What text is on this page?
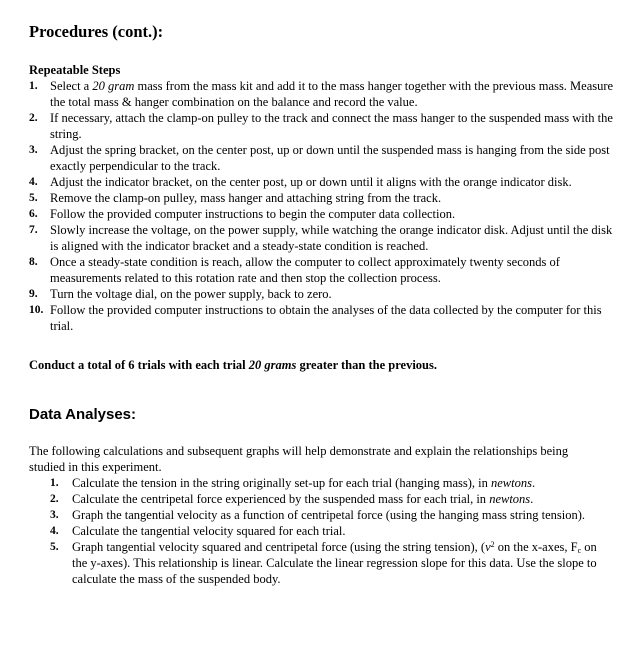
Procedures (cont.):
Repeatable Steps
1. Select a 20 gram mass from the mass kit and add it to the mass hanger together with the previous mass. Measure the total mass & hanger combination on the balance and record the value.
2. If necessary, attach the clamp-on pulley to the track and connect the mass hanger to the suspended mass with the string.
3. Adjust the spring bracket, on the center post, up or down until the suspended mass is hanging from the side post exactly perpendicular to the track.
4. Adjust the indicator bracket, on the center post, up or down until it aligns with the orange indicator disk.
5. Remove the clamp-on pulley, mass hanger and attaching string from the track.
6. Follow the provided computer instructions to begin the computer data collection.
7. Slowly increase the voltage, on the power supply, while watching the orange indicator disk. Adjust until the disk is aligned with the indicator bracket and a steady-state condition is reached.
8. Once a steady-state condition is reach, allow the computer to collect approximately twenty seconds of measurements related to this rotation rate and then stop the collection process.
9. Turn the voltage dial, on the power supply, back to zero.
10. Follow the provided computer instructions to obtain the analyses of the data collected by the computer for this trial.
Conduct a total of 6 trials with each trial 20 grams greater than the previous.
Data Analyses:
The following calculations and subsequent graphs will help demonstrate and explain the relationships being studied in this experiment.
1. Calculate the tension in the string originally set-up for each trial (hanging mass), in newtons.
2. Calculate the centripetal force experienced by the suspended mass for each trial, in newtons.
3. Graph the tangential velocity as a function of centripetal force (using the hanging mass string tension).
4. Calculate the tangential velocity squared for each trial.
5. Graph tangential velocity squared and centripetal force (using the string tension), ($v^2$ on the x-axes, $F_c$ on the y-axes). This relationship is linear. Calculate the linear regression slope for this data. Use the slope to calculate the mass of the suspended body.
